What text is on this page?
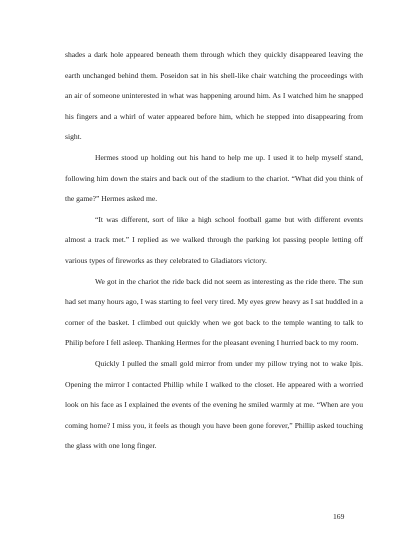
shades a dark hole appeared beneath them through which they quickly disappeared leaving the earth unchanged behind them. Poseidon sat in his shell-like chair watching the proceedings with an air of someone uninterested in what was happening around him. As I watched him he snapped his fingers and a whirl of water appeared before him, which he stepped into disappearing from sight.

Hermes stood up holding out his hand to help me up. I used it to help myself stand, following him down the stairs and back out of the stadium to the chariot. “What did you think of the game?” Hermes asked me.

“It was different, sort of like a high school football game but with different events almost a track met.” I replied as we walked through the parking lot passing people letting off various types of fireworks as they celebrated to Gladiators victory.

We got in the chariot the ride back did not seem as interesting as the ride there. The sun had set many hours ago, I was starting to feel very tired. My eyes grew heavy as I sat huddled in a corner of the basket. I climbed out quickly when we got back to the temple wanting to talk to Philip before I fell asleep. Thanking Hermes for the pleasant evening I hurried back to my room.

Quickly I pulled the small gold mirror from under my pillow trying not to wake Ipis. Opening the mirror I contacted Phillip while I walked to the closet. He appeared with a worried look on his face as I explained the events of the evening he smiled warmly at me. “When are you coming home? I miss you, it feels as though you have been gone forever,” Phillip asked touching the glass with one long finger.

169
